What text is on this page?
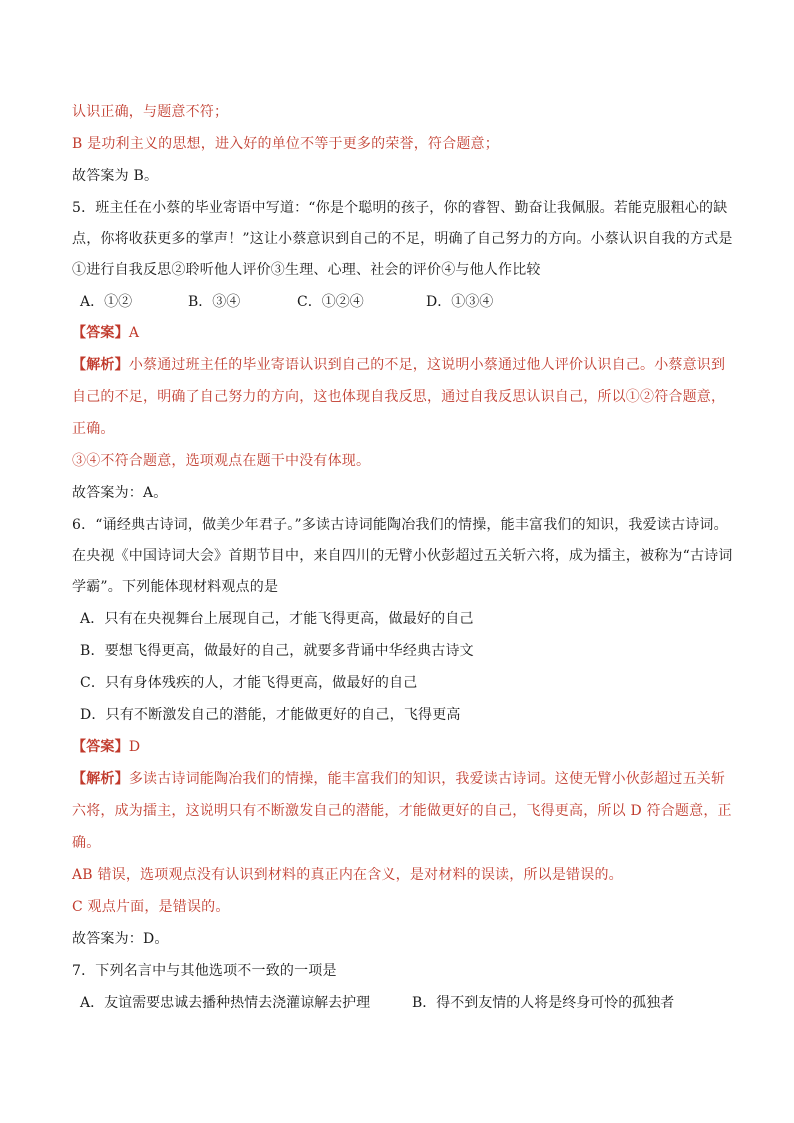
认识正确，与题意不符；
B 是功利主义的思想，进入好的单位不等于更多的荣誉，符合题意；
故答案为 B。
5．班主任在小蔡的毕业寄语中写道：“你是个聪明的孩子，你的睿智、勤奋让我佩服。若能克服粗心的缺
点，你将收获更多的掌声！”这让小蔡意识到自己的不足，明确了自己努力的方向。小蔡认识自我的方式是
①进行自我反思②聆听他人评价③生理、心理、社会的评价④与他人作比较
A．①②	B．③④	C．①②④	D．①③④
【答案】A
【解析】小蔡通过班主任的毕业寄语认识到自己的不足，这说明小蔡通过他人评价认识自己。小蔡意识到
自己的不足，明确了自己努力的方向，这也体现自我反思，通过自我反思认识自己，所以①②符合题意，
正确。
③④不符合题意，选项观点在题干中没有体现。
故答案为：A。
6．“诵经典古诗词，做美少年君子。”多读古诗词能陶冶我们的情操，能丰富我们的知识，我爱读古诗词。
在央视《中国诗词大会》首期节目中，来自四川的无臂小伙彭超过五关斩六将，成为擂主，被称为“古诗词
学霸”。下列能体现材料观点的是
A．只有在央视舞台上展现自己，才能飞得更高，做最好的自己
B．要想飞得更高，做最好的自己，就要多背诵中华经典古诗文
C．只有身体残疾的人，才能飞得更高，做最好的自己
D．只有不断激发自己的潜能，才能做更好的自己，飞得更高
【答案】D
【解析】多读古诗词能陶冶我们的情操，能丰富我们的知识，我爱读古诗词。这使无臂小伙彭超过五关斩
六将，成为擂主，这说明只有不断激发自己的潜能，才能做更好的自己，飞得更高，所以 D 符合题意，正
确。
AB 错误，选项观点没有认识到材料的真正内在含义，是对材料的误读，所以是错误的。
C 观点片面，是错误的。
故答案为：D。
7．下列名言中与其他选项不一致的一项是
A．友谊需要忠诚去播种热情去浇灌谅解去护理	B．得不到友情的人将是终身可怜的孤独者
